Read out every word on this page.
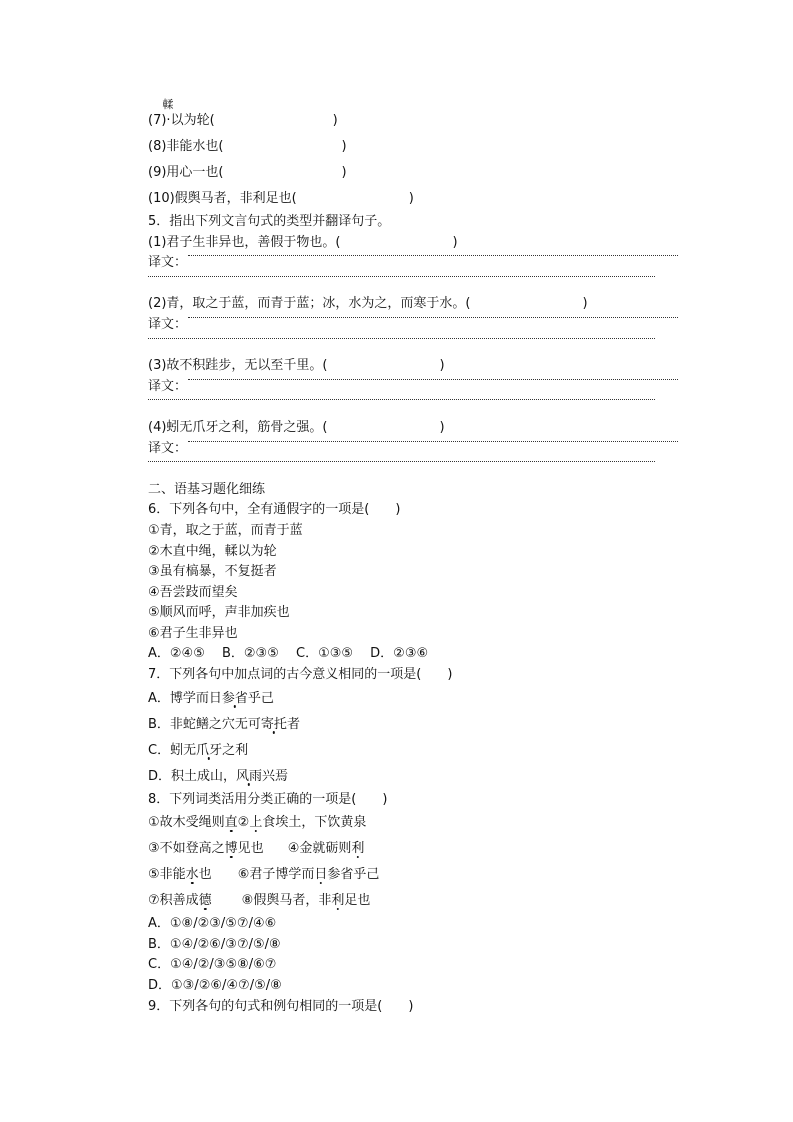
(7)
輮
·以为轮(	)
(8)非能水也(	)
(9)用心一也(	)
(10)假舆马者，非利足也(	)
5．指出下列文言句式的类型并翻译句子。
(1)君子生非异也，善假于物也。(	)
译文：
(2)青，取之于蓝，而青于蓝；冰，水为之，而寒于水。(	)
译文：
(3)故不积跬步，无以至千里。(	)
译文：
(4)蚓无爪牙之利，筋骨之强。(	)
译文：
二、语基习题化细练
6．下列各句中，全有通假字的一项是(　　)
①青，取之于蓝，而青于蓝
②木直中绳，輮以为轮
③虽有槁暴，不复挺者
④吾尝跂而望矣
⑤顺风而呼，声非加疾也
⑥君子生非异也
A．②④⑤　 B．②③⑤　 C．①③⑤　 D．②③⑥
7．下列各句中加点词的古今意义相同的一项是(　　)
A．博学而日参省乎己
B．非蛇鳝之穴无可寄托者
C．蚓无爪牙之利
D．积土成山，风雨兴焉
8．下列词类活用分类正确的一项是(　　)
①故木受绳则直②上食埃土，下饮黄泉
③不如登高之博见也 ④金就砺则利
⑤非能水也 ⑥君子博学而日参省乎己
⑦积善成德 ⑧假舆马者，非利足也
A．①⑧/②③/⑤⑦/④⑥
B．①④/②⑥/③⑦/⑤/⑧
C．①④/②/③⑤⑧/⑥⑦
D．①③/②⑥/④⑦/⑤/⑧
9．下列各句的句式和例句相同的一项是(　　)
